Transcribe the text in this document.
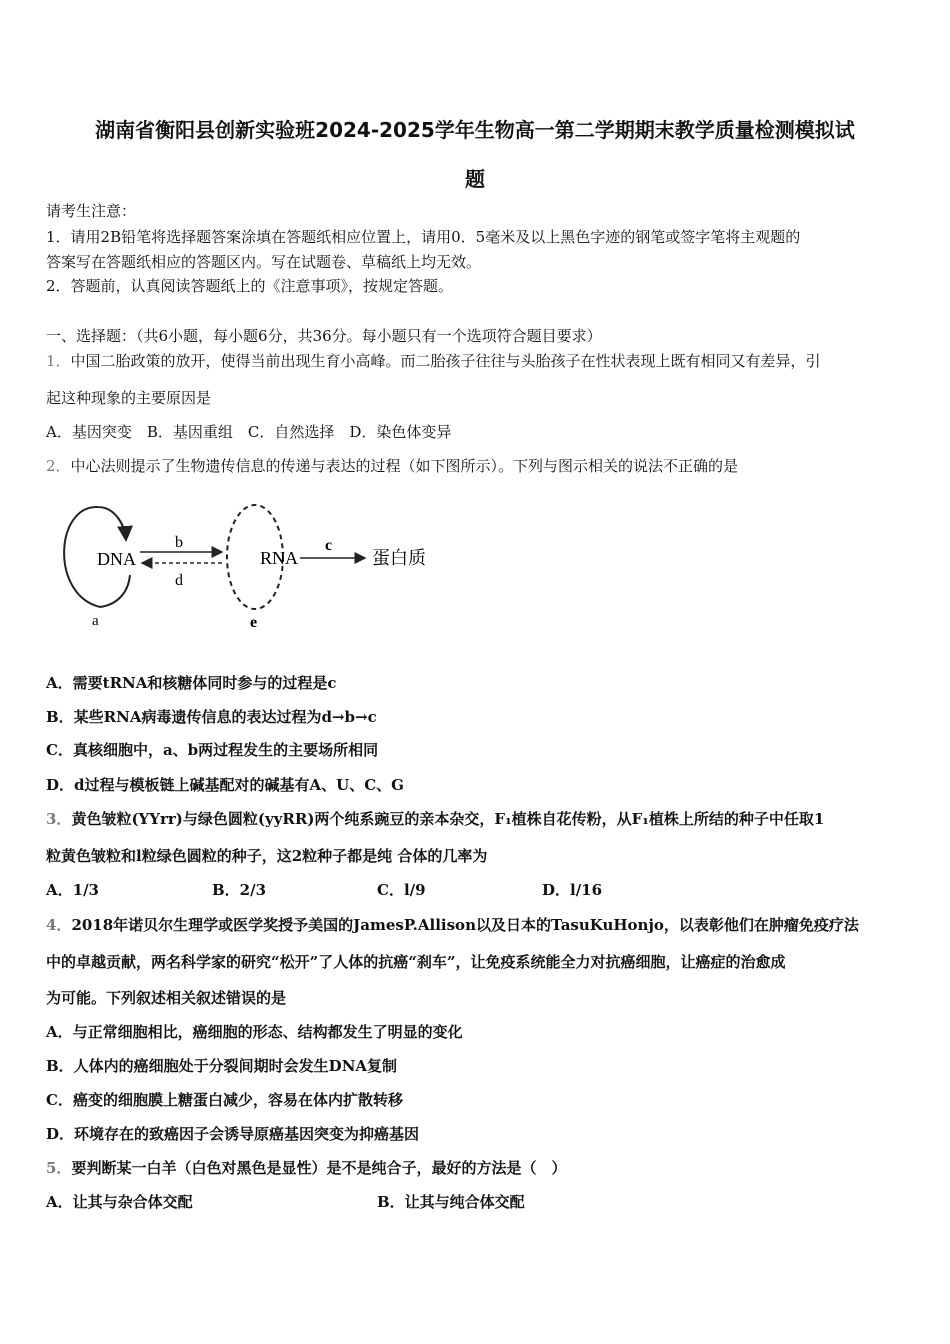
湖南省衡阳县创新实验班2024-2025学年生物高一第二学期期末教学质量检测模拟试
题
请考生注意：
1．请用2B铅笔将选择题答案涂填在答题纸相应位置上，请用0．5毫米及以上黑色字迹的钢笔或签字笔将主观题的
答案写在答题纸相应的答题区内。写在试题卷、草稿纸上均无效。
2．答题前，认真阅读答题纸上的《注意事项》，按规定答题。
一、选择题：（共6小题，每小题6分，共36分。每小题只有一个选项符合题目要求）
1．中国二胎政策的放开，使得当前出现生育小高峰。而二胎孩子往往与头胎孩子在性状表现上既有相同又有差异，引
起这种现象的主要原因是
A．基因突变　B．基因重组　C．自然选择　D．染色体变异
2．中心法则提示了生物遗传信息的传递与表达的过程（如下图所示）。下列与图示相关的说法不正确的是
DNA
b
d
RNA
c
蛋白质
a	e
A．需要tRNA和核糖体同时参与的过程是c
B．某些RNA病毒遗传信息的表达过程为d→b→c
C．真核细胞中，a、b两过程发生的主要场所相同
D．d过程与模板链上碱基配对的碱基有A、U、C、G
3．黄色皱粒(YYrr)与绿色圆粒(yyRR)两个纯系豌豆的亲本杂交，F₁植株自花传粉，从F₁植株上所结的种子中任取1
粒黄色皱粒和l粒绿色圆粒的种子，这2粒种子都是纯 合体的几率为
A．1/3	B．2/3	C．l/9	D．l/16
4．2018年诺贝尔生理学或医学奖授予美国的JamesP.Allison以及日本的TasuKuHonjo，以表彰他们在肿瘤免疫疗法
中的卓越贡献，两名科学家的研究“松开”了人体的抗癌“刹车”，让免疫系统能全力对抗癌细胞，让癌症的治愈成
为可能。下列叙述相关叙述错误的是
A．与正常细胞相比，癌细胞的形态、结构都发生了明显的变化
B．人体内的癌细胞处于分裂间期时会发生DNA复制
C．癌变的细胞膜上糖蛋白减少，容易在体内扩散转移
D．环境存在的致癌因子会诱导原癌基因突变为抑癌基因
5．要判断某一白羊（白色对黑色是显性）是不是纯合子，最好的方法是（　）
A．让其与杂合体交配	B．让其与纯合体交配
